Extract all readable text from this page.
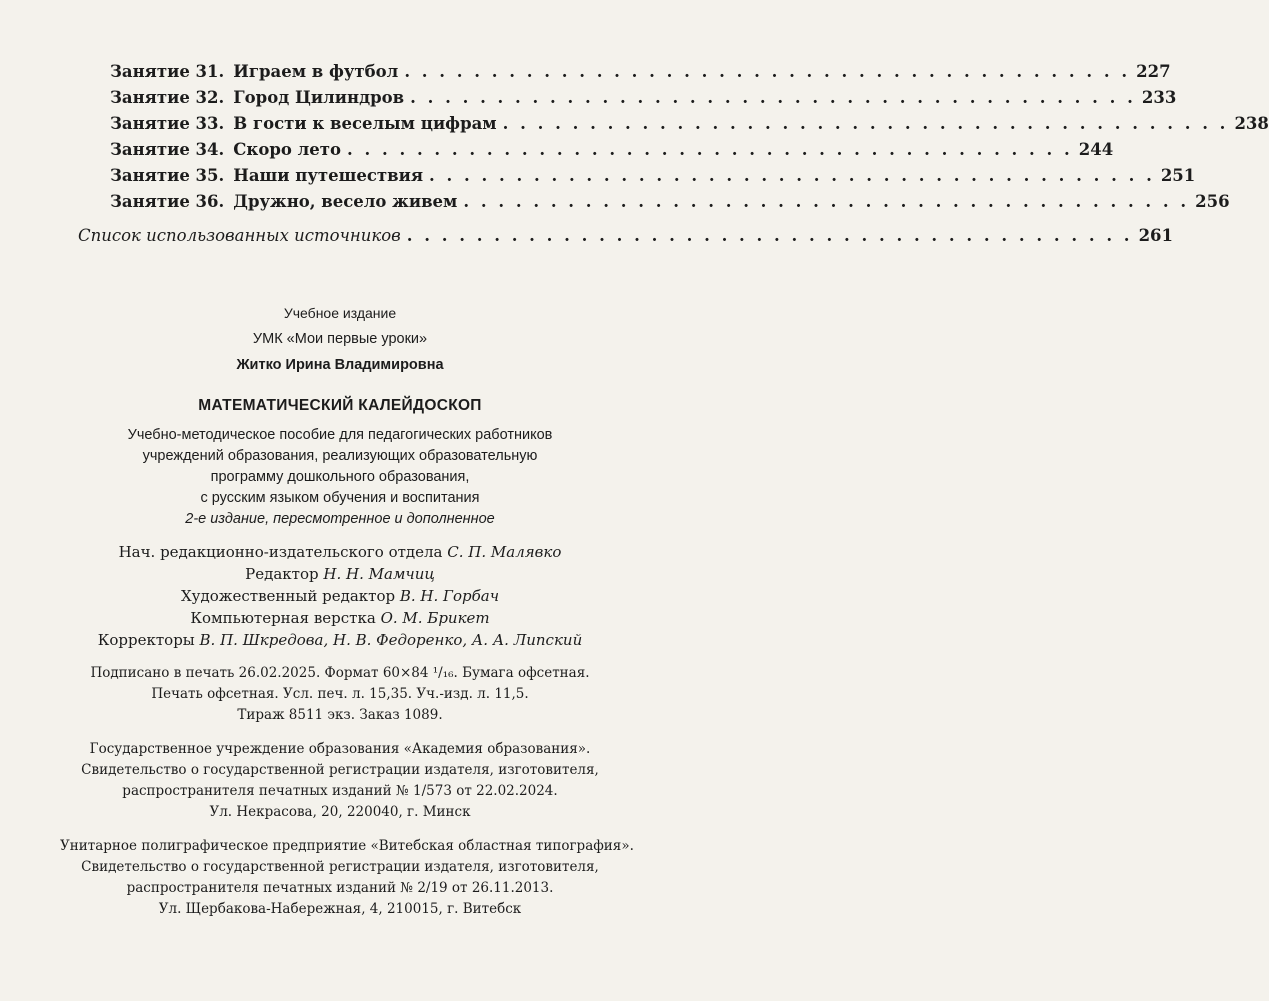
Занятие 31. Играем в футбол . . . . . . . . . . . . . . . . . . . . . . . . . . . . . . . . . . . . . . . . . . 227
Занятие 32. Город Цилиндров . . . . . . . . . . . . . . . . . . . . . . . . . . . . . . . . . . . . . . . . . . 233
Занятие 33. В гости к веселым цифрам . . . . . . . . . . . . . . . . . . . . . . . . . . . . . . . . . . . . . . . . . . 238
Занятие 34. Скоро лето . . . . . . . . . . . . . . . . . . . . . . . . . . . . . . . . . . . . . . . . . . 244
Занятие 35. Наши путешествия . . . . . . . . . . . . . . . . . . . . . . . . . . . . . . . . . . . . . . . . . . 251
Занятие 36. Дружно, весело живем . . . . . . . . . . . . . . . . . . . . . . . . . . . . . . . . . . . . . . . . . . 256
Список использованных источников . . . . . . . . . . . . . . . . . . . . . . . . . . . . . . . . . . . . . . . . . . 261
Учебное издание
УМК «Мои первые уроки»
Житко Ирина Владимировна
МАТЕМАТИЧЕСКИЙ КАЛЕЙДОСКОП
Учебно-методическое пособие для педагогических работников
учреждений образования, реализующих образовательную
программу дошкольного образования,
с русским языком обучения и воспитания
2-е издание, пересмотренное и дополненное
Нач. редакционно-издательского отдела С. П. Малявко
Редактор Н. Н. Мамчиц
Художественный редактор В. Н. Горбач
Компьютерная верстка О. М. Брикет
Корректоры В. П. Шкредова, Н. В. Федоренко, А. А. Липский
Подписано в печать 26.02.2025. Формат 60×84 ¹/₁₆. Бумага офсетная.
Печать офсетная. Усл. печ. л. 15,35. Уч.-изд. л. 11,5.
Тираж 8511 экз. Заказ 1089.
Государственное учреждение образования «Академия образования».
Свидетельство о государственной регистрации издателя, изготовителя,
распространителя печатных изданий № 1/573 от 22.02.2024.
Ул. Некрасова, 20, 220040, г. Минск
Унитарное полиграфическое предприятие «Витебская областная типография».
Свидетельство о государственной регистрации издателя, изготовителя,
распространителя печатных изданий № 2/19 от 26.11.2013.
Ул. Щербакова-Набережная, 4, 210015, г. Витебск
